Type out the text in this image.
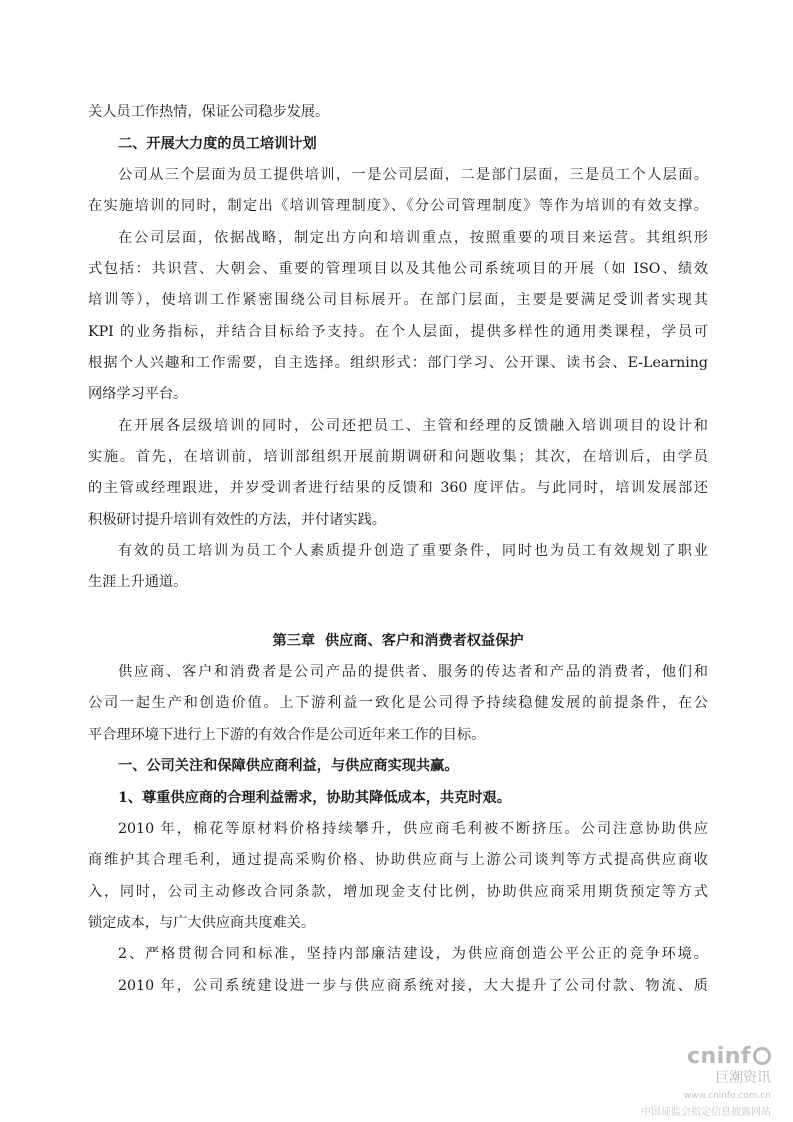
关人员工作热情，保证公司稳步发展。
二、开展大力度的员工培训计划
公司从三个层面为员工提供培训，一是公司层面，二是部门层面，三是员工个人层面。
在实施培训的同时，制定出《培训管理制度》、《分公司管理制度》等作为培训的有效支撑。
在公司层面，依据战略，制定出方向和培训重点，按照重要的项目来运营。其组织形
式包括：共识营、大朝会、重要的管理项目以及其他公司系统项目的开展（如 ISO、绩效
培训等），使培训工作紧密围绕公司目标展开。在部门层面，主要是要满足受训者实现其
KPI 的业务指标，并结合目标给予支持。在个人层面，提供多样性的通用类课程，学员可
根据个人兴趣和工作需要，自主选择。组织形式：部门学习、公开课、读书会、E-Learning
网络学习平台。
在开展各层级培训的同时，公司还把员工、主管和经理的反馈融入培训项目的设计和
实施。首先，在培训前，培训部组织开展前期调研和问题收集；其次，在培训后，由学员
的主管或经理跟进，并岁受训者进行结果的反馈和 360 度评估。与此同时，培训发展部还
积极研讨提升培训有效性的方法，并付诸实践。
有效的员工培训为员工个人素质提升创造了重要条件，同时也为员工有效规划了职业
生涯上升通道。
第三章  供应商、客户和消费者权益保护
供应商、客户和消费者是公司产品的提供者、服务的传达者和产品的消费者，他们和
公司一起生产和创造价值。上下游利益一致化是公司得予持续稳健发展的前提条件，在公
平合理环境下进行上下游的有效合作是公司近年来工作的目标。
一、公司关注和保障供应商利益，与供应商实现共赢。
1、尊重供应商的合理利益需求，协助其降低成本，共克时艰。
2010 年，棉花等原材料价格持续攀升，供应商毛利被不断挤压。公司注意协助供应
商维护其合理毛利，通过提高采购价格、协助供应商与上游公司谈判等方式提高供应商收
入，同时，公司主动修改合同条款，增加现金支付比例，协助供应商采用期货预定等方式
锁定成本，与广大供应商共度难关。
2、严格贯彻合同和标准，坚持内部廉洁建设，为供应商创造公平公正的竞争环境。
2010 年，公司系统建设进一步与供应商系统对接，大大提升了公司付款、物流、质
cninf
巨潮资讯
www.cninfo.com.cn
中国证监会指定信息披露网站
